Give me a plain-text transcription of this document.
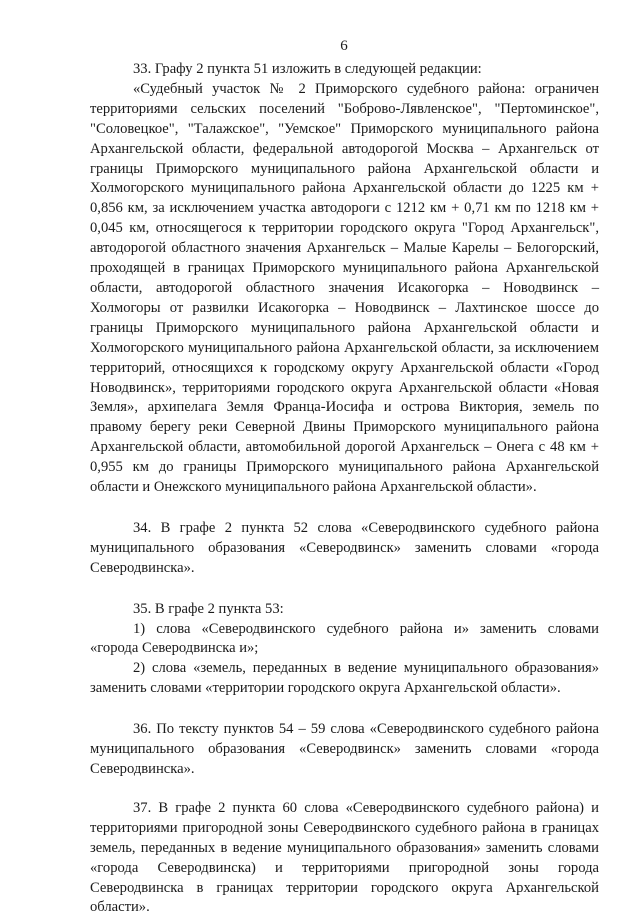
6

33. Графу 2 пункта 51 изложить в следующей редакции:

«Судебный участок № 2 Приморского судебного района: ограничен территориями сельских поселений "Боброво-Лявленское", "Пертоминское", "Соловецкое", "Талажское", "Уемское" Приморского муниципального района Архангельской области, федеральной автодорогой Москва – Архангельск от границы Приморского муниципального района Архангельской области и Холмогорского муниципального района Архангельской области до 1225 км + 0,856 км, за исключением участка автодороги с 1212 км + 0,71 км по 1218 км + 0,045 км, относящегося к территории городского округа "Город Архангельск", автодорогой областного значения Архангельск – Малые Карелы – Белогорский, проходящей в границах Приморского муниципального района Архангельской области, автодорогой областного значения Исакогорка – Новодвинск – Холмогоры от развилки Исакогорка – Новодвинск – Лахтинское шоссе до границы Приморского муниципального района Архангельской области и Холмогорского муниципального района Архангельской области, за исключением территорий, относящихся к городскому округу Архангельской области «Город Новодвинск», территориями городского округа Архангельской области «Новая Земля», архипелага Земля Франца-Иосифа и острова Виктория, земель по правому берегу реки Северной Двины Приморского муниципального района Архангельской области, автомобильной дорогой Архангельск – Онега с 48 км + 0,955 км до границы Приморского муниципального района Архангельской области и Онежского муниципального района Архангельской области».

34. В графе 2 пункта 52 слова «Северодвинского судебного района муниципального образования «Северодвинск» заменить словами «города Северодвинска».

35. В графе 2 пункта 53:

1) слова «Северодвинского судебного района и» заменить словами «города Северодвинска и»;

2) слова «земель, переданных в ведение муниципального образования» заменить словами «территории городского округа Архангельской области».

36. По тексту пунктов 54 – 59 слова «Северодвинского судебного района муниципального образования «Северодвинск» заменить словами «города Северодвинска».

37. В графе 2 пункта 60 слова «Северодвинского судебного района) и территориями пригородной зоны Северодвинского судебного района в границах земель, переданных в ведение муниципального образования» заменить словами «города Северодвинска) и территориями пригородной зоны города Северодвинска в границах территории городского округа Архангельской области».
